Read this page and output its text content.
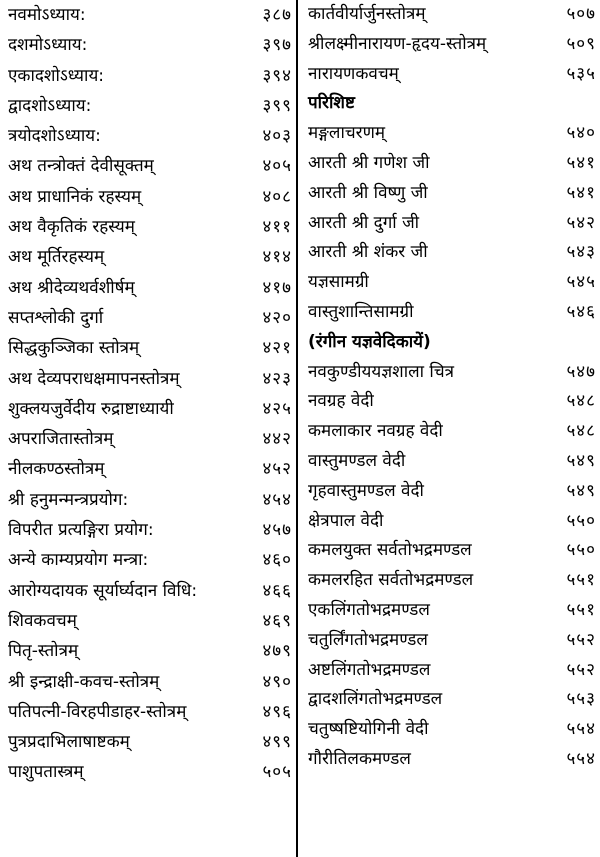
नवमोऽध्याय:	३८७
दशमोऽध्याय:	३९७
एकादशोऽध्याय:	३९४
द्वादशोऽध्याय:	३९९
त्रयोदशोऽध्याय:	४०३
अथ तन्त्रोक्तं देवीसूक्तम्	४०५
अथ प्राधानिकं रहस्यम्	४०८
अथ वैकृतिकं रहस्यम्	४११
अथ मूर्तिरहस्यम्	४१४
अथ श्रीदेव्यथर्वशीर्षम्	४१७
सप्तश्लोकी दुर्गा	४२०
सिद्धकुञ्जिका स्तोत्रम्	४२१
अथ देव्यपराधक्षमापनस्तोत्रम्	४२३
शुक्लयजुर्वेदीय रुद्राष्टाध्यायी	४२५
अपराजितास्तोत्रम्	४४२
नीलकण्ठस्तोत्रम्	४५२
श्री हनुमन्मन्त्रप्रयोग:	४५४
विपरीत प्रत्यङ्गिरा प्रयोग:	४५७
अन्ये काम्यप्रयोग मन्त्रा:	४६०
आरोग्यदायक सूर्यार्घ्यदान विधि:	४६६
शिवकवचम्	४६९
पितृ-स्तोत्रम्	४७९
श्री इन्द्राक्षी-कवच-स्तोत्रम्	४९०
पतिपत्नी-विरहपीडाहर-स्तोत्रम्	४९६
पुत्रप्रदाभिलाषाष्टकम्	४९९
पाशुपतास्त्रम्	५०५
कार्तवीर्यार्जुनस्तोत्रम्	५०७
श्रीलक्ष्मीनारायण-हृदय-स्तोत्रम्	५०९
नारायणकवचम्	५३५
परिशिष्ट
मङ्गलाचरणम्	५४०
आरती श्री गणेश जी	५४१
आरती श्री विष्णु जी	५४१
आरती श्री दुर्गा जी	५४२
आरती श्री शंकर जी	५४३
यज्ञसामग्री	५४५
वास्तुशान्तिसामग्री	५४६
(रंगीन यज्ञवेदिकायें)
नवकुण्डीययज्ञशाला चित्र	५४७
नवग्रह वेदी	५४८
कमलाकार नवग्रह वेदी	५४८
वास्तुमण्डल वेदी	५४९
गृहवास्तुमण्डल वेदी	५४९
क्षेत्रपाल वेदी	५५०
कमलयुक्त सर्वतोभद्रमण्डल	५५०
कमलरहित सर्वतोभद्रमण्डल	५५१
एकलिंगतोभद्रमण्डल	५५१
चतुर्लिंगतोभद्रमण्डल	५५२
अष्टलिंगतोभद्रमण्डल	५५२
द्वादशलिंगतोभद्रमण्डल	५५३
चतुष्षष्टियोगिनी वेदी	५५४
गौरीतिलकमण्डल	५५४
